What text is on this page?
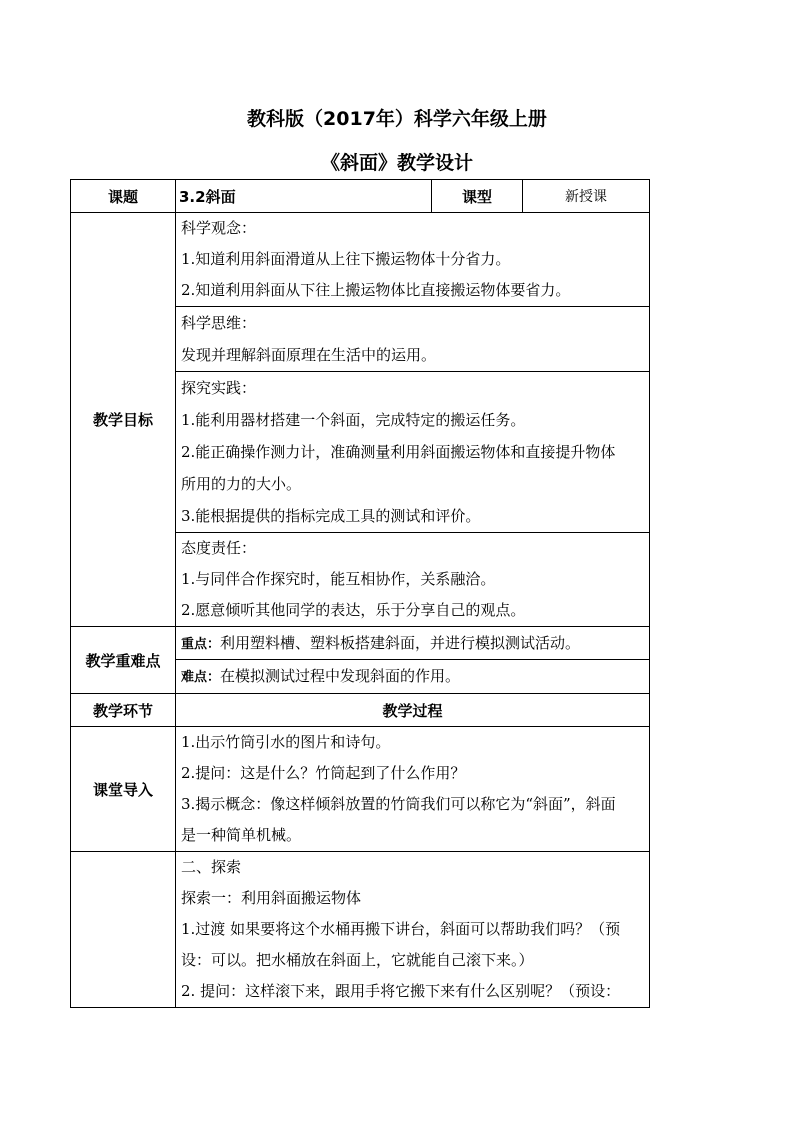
教科版（2017年）科学六年级上册
《斜面》教学设计
课题	3.2斜面	课型	新授课
教学目标	科学观念：
1.知道利用斜面滑道从上往下搬运物体十分省力。
2.知道利用斜面从下往上搬运物体比直接搬运物体要省力。		

	科学思维：
发现并理解斜面原理在生活中的运用。		

	探究实践：
1.能利用器材搭建一个斜面，完成特定的搬运任务。
2.能正确操作测力计，准确测量利用斜面搬运物体和直接提升物体
所用的力的大小。
3.能根据提供的指标完成工具的测试和评价。		

	态度责任：
1.与同伴合作探究时，能互相协作，关系融洽。
2.愿意倾听其他同学的表达，乐于分享自己的观点。		

教学重难点	重点：利用塑料槽、塑料板搭建斜面，并进行模拟测试活动。		

	难点：在模拟测试过程中发现斜面的作用。		

教学环节	教学过程		
课堂导入	1.出示竹筒引水的图片和诗句。
2.提问：这是什么？竹筒起到了什么作用？
3.揭示概念：像这样倾斜放置的竹筒我们可以称它为“斜面”，斜面
是一种简单机械。		

	二、探索
探索一：利用斜面搬运物体
1.过渡 如果要将这个水桶再搬下讲台，斜面可以帮助我们吗？（预
设：可以。把水桶放在斜面上，它就能自己滚下来。）
2. 提问：这样滚下来，跟用手将它搬下来有什么区别呢？（预设：		
